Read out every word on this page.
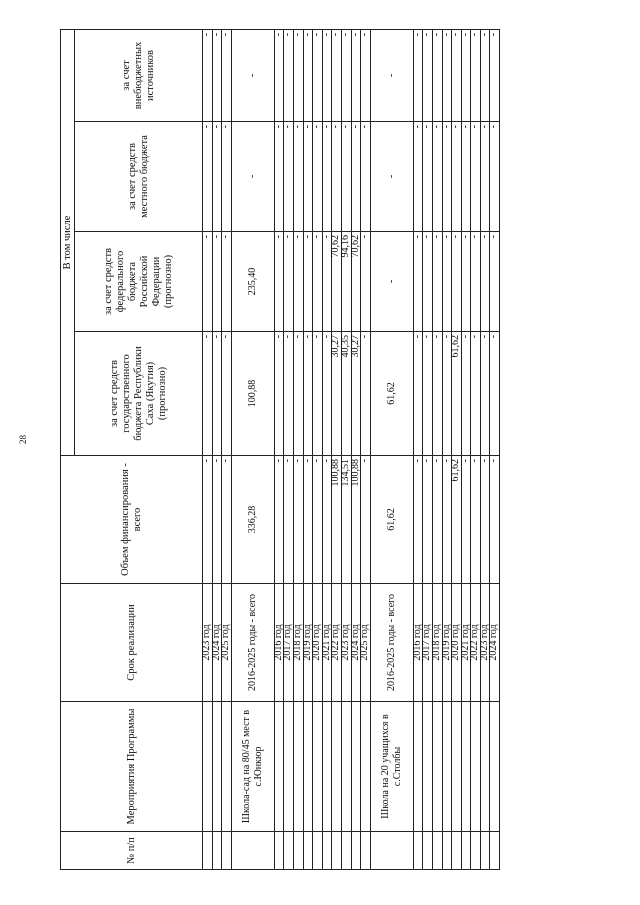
28
№ п/п	Мероприятия Программы	Срок реализации	Объем финансирования - всего	В том числе			
				за счет средств государственного бюджета Республики Саха (Якутия) (прогнозно)	за счет средств федерального бюджета Российской Федерации (прогнозно)	за счет средств местного бюджета	за счет внебюджетных источников
		2023 год	-	-	-	-	-
		2024 год	-	-	-	-	-
		2025 год	-	-	-	-	-
	Школа-сад на 80/45 мест в с.Юнкюр	2016-2025 годы - всего	336,28	100,88	235,40	-	-
		2016 год	-	-	-	-	-
		2017 год	-	-	-	-	-
		2018 год	-	-	-	-	-
		2019 год	-	-	-	-	-
		2020 год	-	-	-	-	-
		2021 год	-	-	-	-	-
		2022 год	100,88	30,27	70,62	-	-
		2023 год	134,51	40,35	94,16	-	-
		2024 год	100,88	30,27	70,62	-	-
		2025 год	-	-	-	-	-
	Школа на 20 учащихся в с.Столбы	2016-2025 годы - всего	61,62	61,62	-	-	-
		2016 год	-	-	-	-	-
		2017 год	-	-	-	-	-
		2018 год	-	-	-	-	-
		2019 год	-	-	-	-	-
		2020 год	61,62	61,62	-	-	-
		2021 год	-	-	-	-	-
		2022 год	-	-	-	-	-
		2023 год	-	-	-	-	-
		2024 год	-	-	-	-	-
